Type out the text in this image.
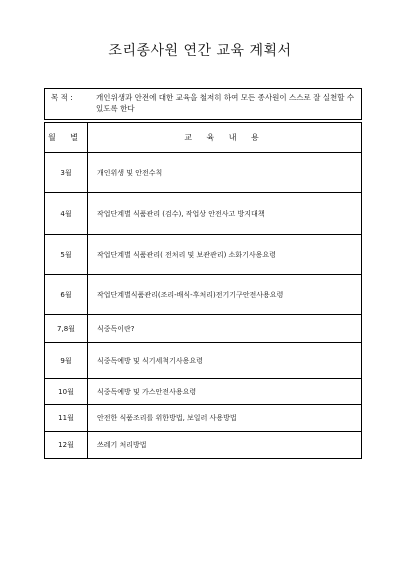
조리종사원 연간 교육 계획서
목 적 :	개인위생과 안전에 대한 교육을 철저히 하여 모든 종사원이 스스로 잘 실천할 수 있도록 한다
월 별	교 육 내 용
3월	개인위생 및 안전수칙
4월	작업단계별 식품관리 (검수), 작업상 안전사고 방지대책
5월	작업단계별 식품관리( 전처리 및 보관관리) 소화기사용요령
6월	작업단계별식품관리(조리-배식-후처리)전기기구안전사용요령
7,8월	식중독이란?
9월	식중독예방 및 식기세척기사용요령
10월	식중독예방 및 가스안전사용요령
11월	안전한 식품조리를 위한방법, 보일러 사용방법
12월	쓰레기 처리방법
